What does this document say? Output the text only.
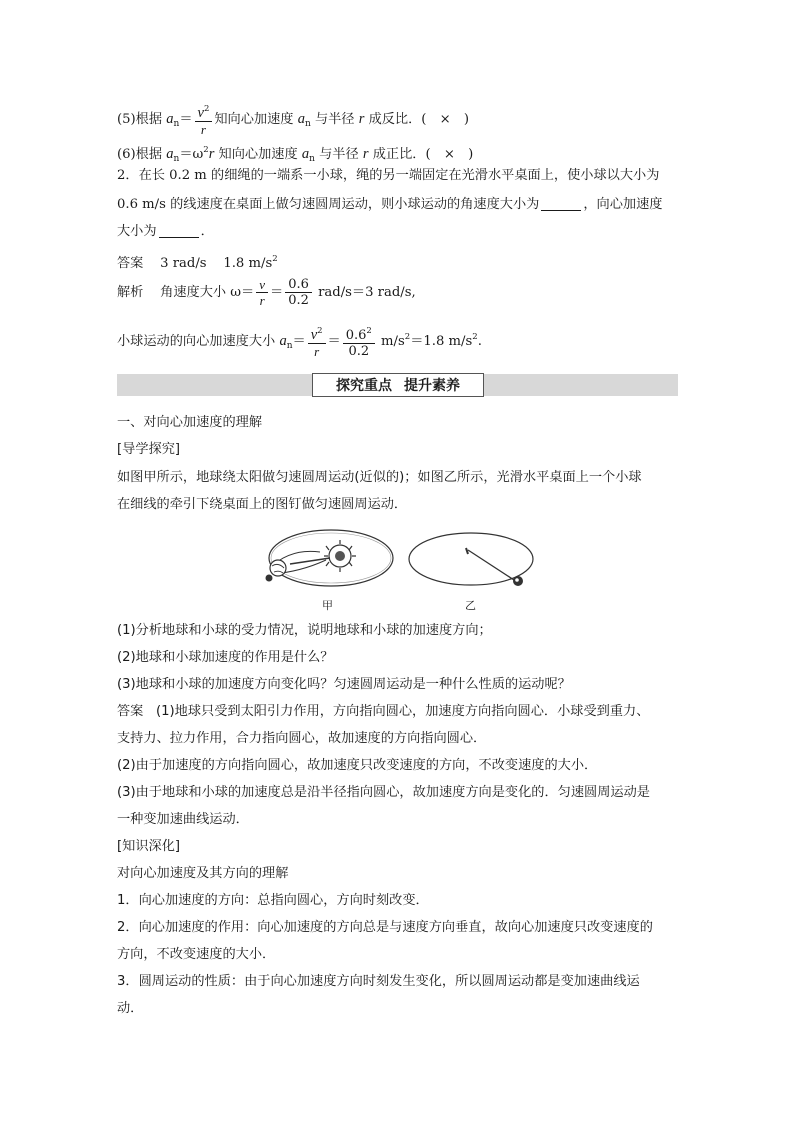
(5)根据 $a_n= \frac{v^2}{r}$ 知向心加速度 $a_n$ 与半径 r 成反比．(　×　)
(6)根据 $a_n=\omega^2r$ 知向心加速度 $a_n$ 与半径 r 成正比．(　×　)
2．在长 0.2 m 的细绳的一端系一小球，绳的另一端固定在光滑水平桌面上，使小球以大小为
0.6 m/s 的线速度在桌面上做匀速圆周运动，则小球运动的角速度大小为	，向心加速度
大小为	．
答案 3 rad/s 1.8 $m/s^2$
解析 角速度大小 $\omega= \frac{v}{r} = \frac{0.6}{0.2} rad/s=3$ rad/s,
小球运动的向心加速度大小 $a_n= \frac{v^2}{r} = \frac{0.6^2}{0.2} m/s^2=1.8$ $m/s^2$.
探究重点 提升素养
一、对向心加速度的理解
[导学探究]
如图甲所示，地球绕太阳做匀速圆周运动(近似的)；如图乙所示，光滑水平桌面上一个小球
在细线的牵引下绕桌面上的图钉做匀速圆周运动．
甲	乙
(1)分析地球和小球的受力情况，说明地球和小球的加速度方向；
(2)地球和小球加速度的作用是什么？
(3)地球和小球的加速度方向变化吗？匀速圆周运动是一种什么性质的运动呢？
答案 (1)地球只受到太阳引力作用，方向指向圆心，加速度方向指向圆心．小球受到重力、
支持力、拉力作用，合力指向圆心，故加速度的方向指向圆心．
(2)由于加速度的方向指向圆心，故加速度只改变速度的方向，不改变速度的大小．
(3)由于地球和小球的加速度总是沿半径指向圆心，故加速度方向是变化的．匀速圆周运动是
一种变加速曲线运动．
[知识深化]
对向心加速度及其方向的理解
1．向心加速度的方向：总指向圆心，方向时刻改变．
2．向心加速度的作用：向心加速度的方向总是与速度方向垂直，故向心加速度只改变速度的
方向，不改变速度的大小．
3．圆周运动的性质：由于向心加速度方向时刻发生变化，所以圆周运动都是变加速曲线运
动．
